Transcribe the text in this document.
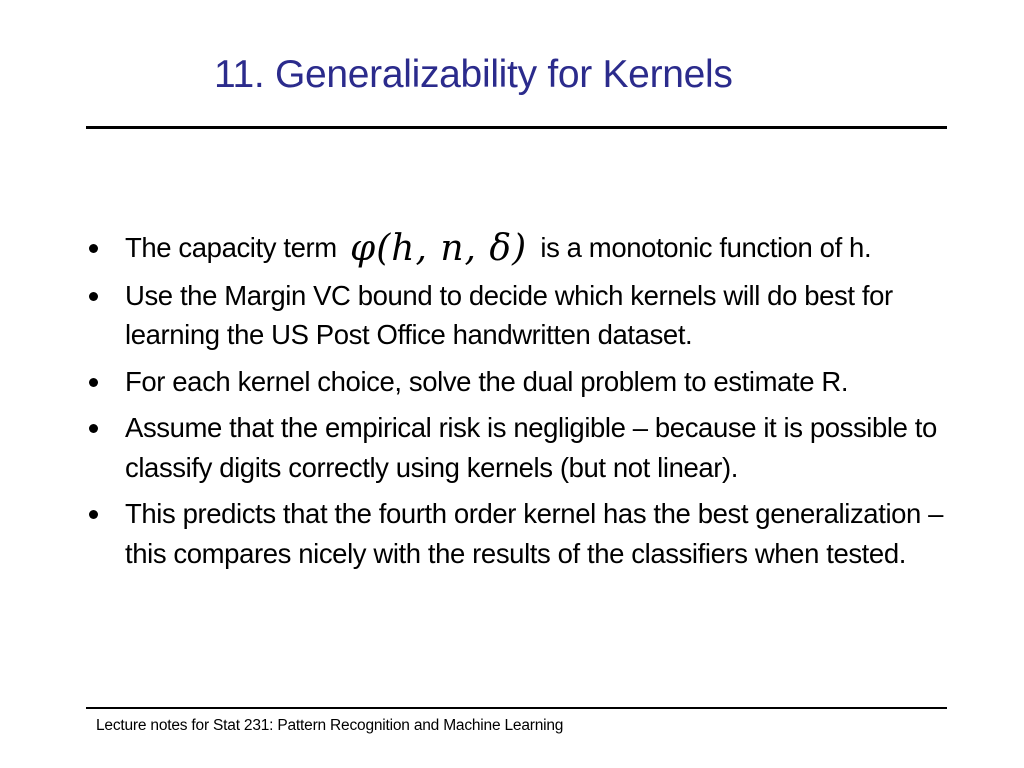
11. Generalizability for Kernels
The capacity term φ(h, n, δ) is a monotonic function of h.
Use the Margin VC bound to decide which kernels will do best for learning the US Post Office handwritten dataset.
For each kernel choice, solve the dual problem to estimate R.
Assume that the empirical risk is negligible – because it is possible to classify digits correctly using kernels (but not linear).
This predicts that the fourth order kernel has the best generalization – this compares nicely with the results of the classifiers when tested.
Lecture notes for Stat 231: Pattern Recognition and Machine Learning
